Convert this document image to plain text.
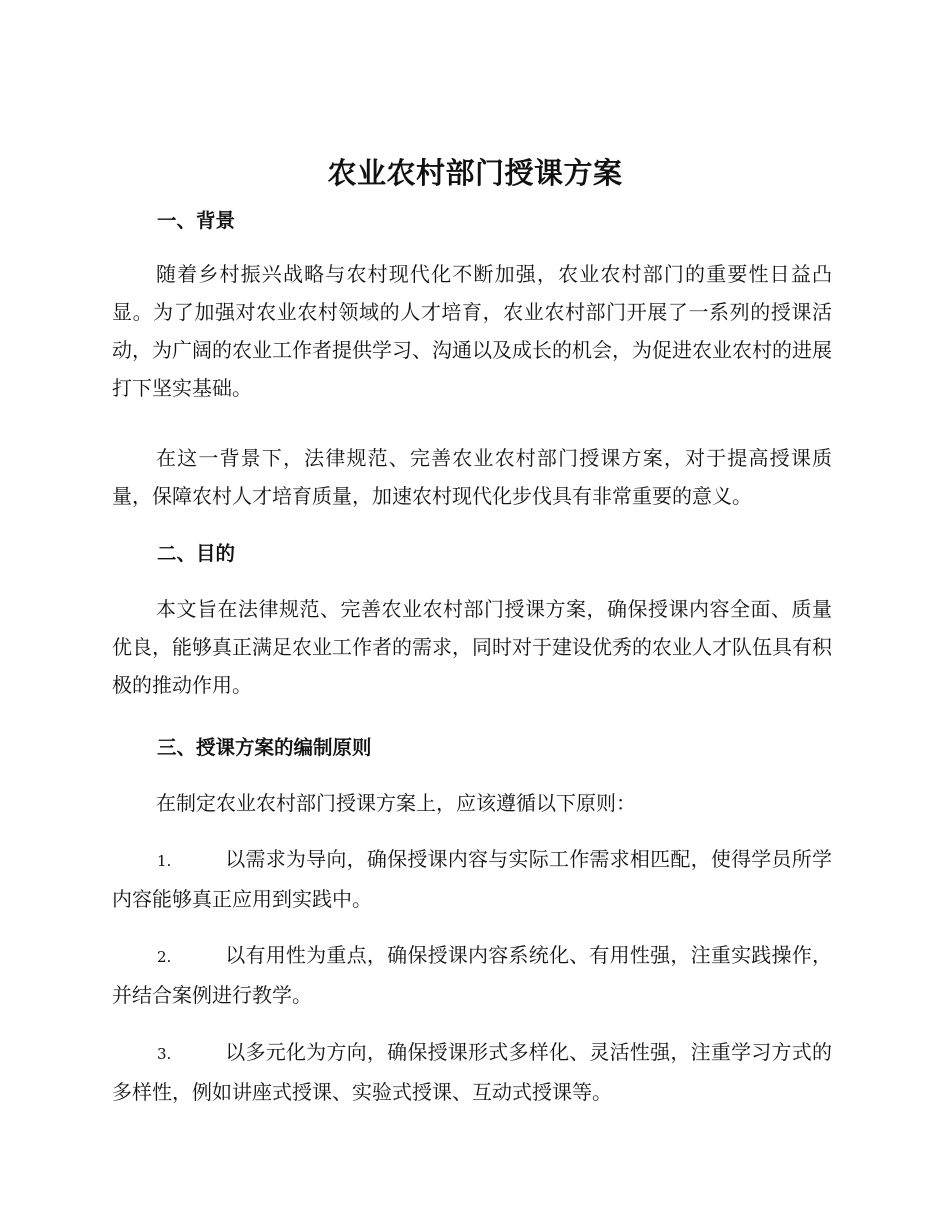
农业农村部门授课方案
一、背景

随着乡村振兴战略与农村现代化不断加强，农业农村部门的重要性日益凸显。为了加强对农业农村领域的人才培育，农业农村部门开展了一系列的授课活动，为广阔的农业工作者提供学习、沟通以及成长的机会，为促进农业农村的进展打下坚实基础。

在这一背景下，法律规范、完善农业农村部门授课方案，对于提高授课质量，保障农村人才培育质量，加速农村现代化步伐具有非常重要的意义。

二、目的

本文旨在法律规范、完善农业农村部门授课方案，确保授课内容全面、质量优良，能够真正满足农业工作者的需求，同时对于建设优秀的农业人才队伍具有积极的推动作用。

三、授课方案的编制原则

在制定农业农村部门授课方案上，应该遵循以下原则：

1.	以需求为导向，确保授课内容与实际工作需求相匹配，使得学员所学内容能够真正应用到实践中。
2.	以有用性为重点，确保授课内容系统化、有用性强，注重实践操作，并结合案例进行教学。
3.	以多元化为方向，确保授课形式多样化、灵活性强，注重学习方式的多样性，例如讲座式授课、实验式授课、互动式授课等。
